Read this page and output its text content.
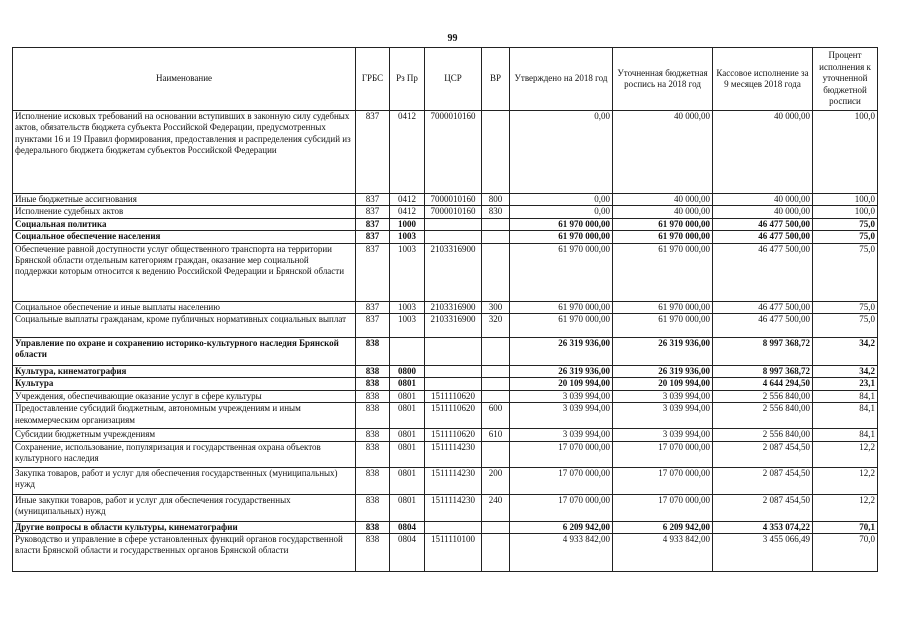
99
Наименование	ГРБС	Рз Пр	ЦСР	ВР	Утверждено на 2018 год	Уточненная бюджетная роспись на 2018 год	Кассовое исполнение за 9 месяцев 2018 года	Процент исполнения к уточненной бюджетной росписи
Исполнение исковых требований на основании вступивших в законную силу судебных актов, обязательств бюджета субъекта Российской Федерации, предусмотренных пунктами 16 и 19 Правил формирования, предоставления и распределения субсидий из федерального бюджета бюджетам субъектов Российской Федерации	837	0412	7000010160		0,00	40 000,00	40 000,00	100,0
Иные бюджетные ассигнования	837	0412	7000010160	800	0,00	40 000,00	40 000,00	100,0
Исполнение судебных актов	837	0412	7000010160	830	0,00	40 000,00	40 000,00	100,0
Социальная политика	837	1000			61 970 000,00	61 970 000,00	46 477 500,00	75,0
Социальное обеспечение населения	837	1003			61 970 000,00	61 970 000,00	46 477 500,00	75,0
Обеспечение равной доступности услуг общественного транспорта на территории Брянской области отдельным категориям граждан, оказание мер социальной поддержки которым относится к ведению Российской Федерации и Брянской области	837	1003	2103316900		61 970 000,00	61 970 000,00	46 477 500,00	75,0
Социальное обеспечение и иные выплаты населению	837	1003	2103316900	300	61 970 000,00	61 970 000,00	46 477 500,00	75,0
Социальные выплаты гражданам, кроме публичных нормативных социальных выплат	837	1003	2103316900	320	61 970 000,00	61 970 000,00	46 477 500,00	75,0
Управление по охране и сохранению историко-культурного наследия Брянской области	838				26 319 936,00	26 319 936,00	8 997 368,72	34,2
Культура, кинематография	838	0800			26 319 936,00	26 319 936,00	8 997 368,72	34,2
Культура	838	0801			20 109 994,00	20 109 994,00	4 644 294,50	23,1
Учреждения, обеспечивающие оказание услуг в сфере культуры	838	0801	1511110620		3 039 994,00	3 039 994,00	2 556 840,00	84,1
Предоставление субсидий бюджетным, автономным учреждениям и иным некоммерческим организациям	838	0801	1511110620	600	3 039 994,00	3 039 994,00	2 556 840,00	84,1
Субсидии бюджетным учреждениям	838	0801	1511110620	610	3 039 994,00	3 039 994,00	2 556 840,00	84,1
Сохранение, использование, популяризация и государственная охрана объектов культурного наследия	838	0801	1511114230		17 070 000,00	17 070 000,00	2 087 454,50	12,2
Закупка товаров, работ и услуг для обеспечения государственных (муниципальных) нужд	838	0801	1511114230	200	17 070 000,00	17 070 000,00	2 087 454,50	12,2
Иные закупки товаров, работ и услуг для обеспечения государственных (муниципальных) нужд	838	0801	1511114230	240	17 070 000,00	17 070 000,00	2 087 454,50	12,2
Другие вопросы в области культуры, кинематографии	838	0804			6 209 942,00	6 209 942,00	4 353 074,22	70,1
Руководство и управление в сфере установленных функций органов государственной власти Брянской области и государственных органов Брянской области	838	0804	1511110100		4 933 842,00	4 933 842,00	3 455 066,49	70,0
